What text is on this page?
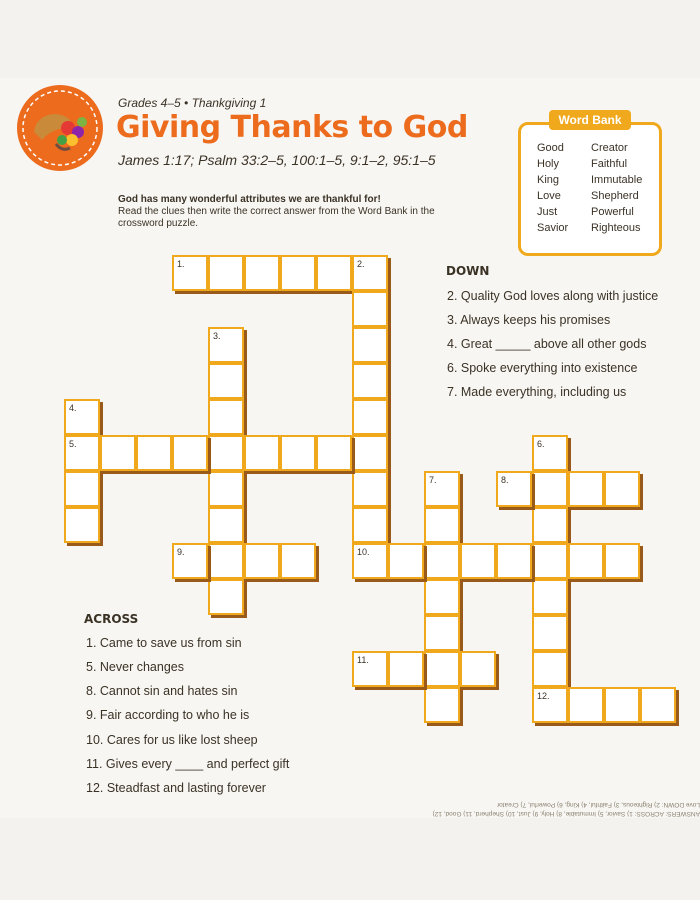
Grades 4–5 • Thankgiving 1
Giving Thanks to God
James 1:17; Psalm 33:2–5, 100:1–5, 9:1–2, 95:1–5
God has many wonderful attributes we are thankful for!
Read the clues then write the correct answer from the Word Bank in the crossword puzzle.
Word Bank
Good
Holy
King
Love
Just
Savior
Creator
Faithful
Immutable
Shepherd
Powerful
Righteous
1.	2.
10.
3.
4.
5.	6.
12.
7.	8.
9.
11.
DOWN
2. Quality God loves along with justice
3. Always keeps his promises
4. Great _____ above all other gods
6. Spoke everything into existence
7. Made everything, including us
ACROSS
1. Came to save us from sin
5. Never changes
8. Cannot sin and hates sin
9. Fair according to who he is
10. Cares for us like lost sheep
11. Gives every ____ and perfect gift
12. Steadfast and lasting forever
ANSWERS: ACROSS: 1) Savior, 5) Immutable, 8) Holy, 9) Just, 10) Shepherd, 11) Good, 12) Love DOWN: 2) Righteous, 3) Faithful, 4) King, 6) Powerful, 7) Creator
